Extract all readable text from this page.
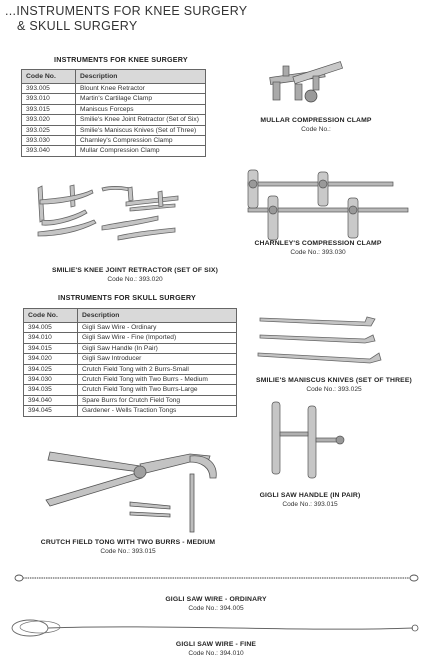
...INSTRUMENTS FOR KNEE SURGERY
& SKULL SURGERY
INSTRUMENTS FOR KNEE SURGERY
Code No.	Description
393.005	Blount Knee Retractor
393.010	Martin's Cartilage Clamp
393.015	Maniscus Forceps
393.020	Smilie's Knee Joint Retractor (Set of Six)
393.025	Smilie's Maniscus Knives (Set of Three)
393.030	Charnley's Compression Clamp
393.040	Mullar Compression Clamp
MULLAR COMPRESSION CLAMP
Code No.:
SMILIE'S KNEE JOINT RETRACTOR (SET OF SIX)
Code No.: 393.020
CHARNLEY'S COMPRESSION CLAMP
Code No.: 393.030
INSTRUMENTS FOR SKULL SURGERY
Code No.	Description
394.005	Gigli Saw Wire - Ordinary
394.010	Gigli Saw Wire - Fine (Imported)
394.015	Gigli Saw Handle (In Pair)
394.020	Gigli Saw Introducer
394.025	Crutch Field Tong with 2 Burrs-Small
394.030	Crutch Field Tong with Two Burrs - Medium
394.035	Crutch Field Tong with Two Burrs-Large
394.040	Spare Burrs for Crutch Field Tong
394.045	Gardener - Wells Traction Tongs
SMILIE'S MANISCUS KNIVES (SET OF THREE)
Code No.: 393.025
GIGLI SAW HANDLE (IN PAIR)
Code No.: 393.015
CRUTCH FIELD TONG WITH TWO BURRS - MEDIUM
Code No.: 393.015
GIGLI SAW WIRE - ORDINARY
Code No.: 394.005
GIGLI SAW WIRE - FINE
Code No.: 394.010
